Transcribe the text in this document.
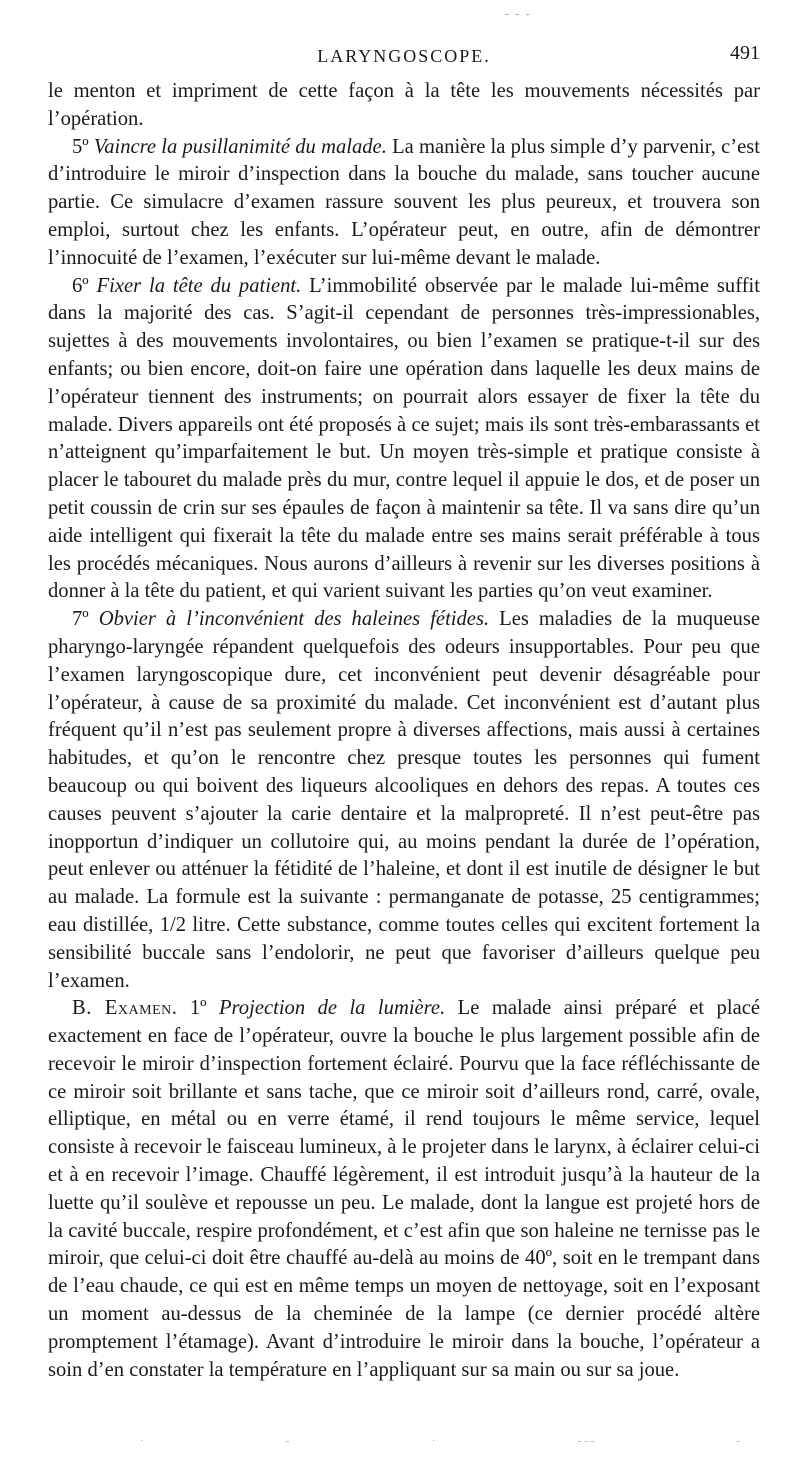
‐ ‐ ‐
LARYNGOSCOPE.	491

le menton et impriment de cette façon à la tête les mouvements nécessités par l’opération.

5º Vaincre la pusillanimité du malade. La manière la plus simple d’y parvenir, c’est d’introduire le miroir d’inspection dans la bouche du malade, sans toucher aucune partie. Ce simulacre d’examen rassure souvent les plus peureux, et trouvera son emploi, surtout chez les enfants. L’opérateur peut, en outre, afin de démontrer l’innocuité de l’examen, l’exécuter sur lui-même devant le malade.

6º Fixer la tête du patient. L’immobilité observée par le malade lui-même suffit dans la majorité des cas. S’agit-il cependant de personnes très-impressionables, sujettes à des mouvements involontaires, ou bien l’examen se pratique-t-il sur des enfants; ou bien encore, doit-on faire une opération dans laquelle les deux mains de l’opérateur tiennent des instruments; on pourrait alors essayer de fixer la tête du malade. Divers appareils ont été proposés à ce sujet; mais ils sont très-embarassants et n’atteignent qu’imparfaitement le but. Un moyen très-simple et pratique consiste à placer le tabouret du malade près du mur, contre lequel il appuie le dos, et de poser un petit coussin de crin sur ses épaules de façon à maintenir sa tête. Il va sans dire qu’un aide intelligent qui fixerait la tête du malade entre ses mains serait préférable à tous les procédés mécaniques. Nous aurons d’ailleurs à revenir sur les diverses positions à donner à la tête du patient, et qui varient suivant les parties qu’on veut examiner.

7º Obvier à l’inconvénient des haleines fétides. Les maladies de la muqueuse pharyngo-laryngée répandent quelquefois des odeurs insupportables. Pour peu que l’examen laryngoscopique dure, cet inconvénient peut devenir désagréable pour l’opérateur, à cause de sa proximité du malade. Cet inconvénient est d’autant plus fréquent qu’il n’est pas seulement propre à diverses affections, mais aussi à certaines habitudes, et qu’on le rencontre chez presque toutes les personnes qui fument beaucoup ou qui boivent des liqueurs alcooliques en dehors des repas. A toutes ces causes peuvent s’ajouter la carie dentaire et la malpropreté. Il n’est peut-être pas inopportun d’indiquer un collutoire qui, au moins pendant la durée de l’opération, peut enlever ou atténuer la fétidité de l’haleine, et dont il est inutile de désigner le but au malade. La formule est la suivante : permanganate de potasse, 25 centigrammes; eau distillée, 1/2 litre. Cette substance, comme toutes celles qui excitent fortement la sensibilité buccale sans l’endolorir, ne peut que favoriser d’ailleurs quelque peu l’examen.

B. Examen. 1º Projection de la lumière. Le malade ainsi préparé et placé exactement en face de l’opérateur, ouvre la bouche le plus largement possible afin de recevoir le miroir d’inspection fortement éclairé. Pourvu que la face réfléchissante de ce miroir soit brillante et sans tache, que ce miroir soit d’ailleurs rond, carré, ovale, elliptique, en métal ou en verre étamé, il rend toujours le même service, lequel consiste à recevoir le faisceau lumineux, à le projeter dans le larynx, à éclairer celui-ci et à en recevoir l’image. Chauffé légèrement, il est introduit jusqu’à la hauteur de la luette qu’il soulève et repousse un peu. Le malade, dont la langue est projeté hors de la cavité buccale, respire profondément, et c’est afin que son haleine ne ternisse pas le miroir, que celui-ci doit être chauffé au-delà au moins de 40º, soit en le trempant dans de l’eau chaude, ce qui est en même temps un moyen de nettoyage, soit en l’exposant un moment au-dessus de la cheminée de la lampe (ce dernier procédé altère promptement l’étamage). Avant d’introduire le miroir dans la bouche, l’opérateur a soin d’en constater la température en l’appliquant sur sa main ou sur sa joue.

·	‐	·	‐ ‐ ‐	‐
